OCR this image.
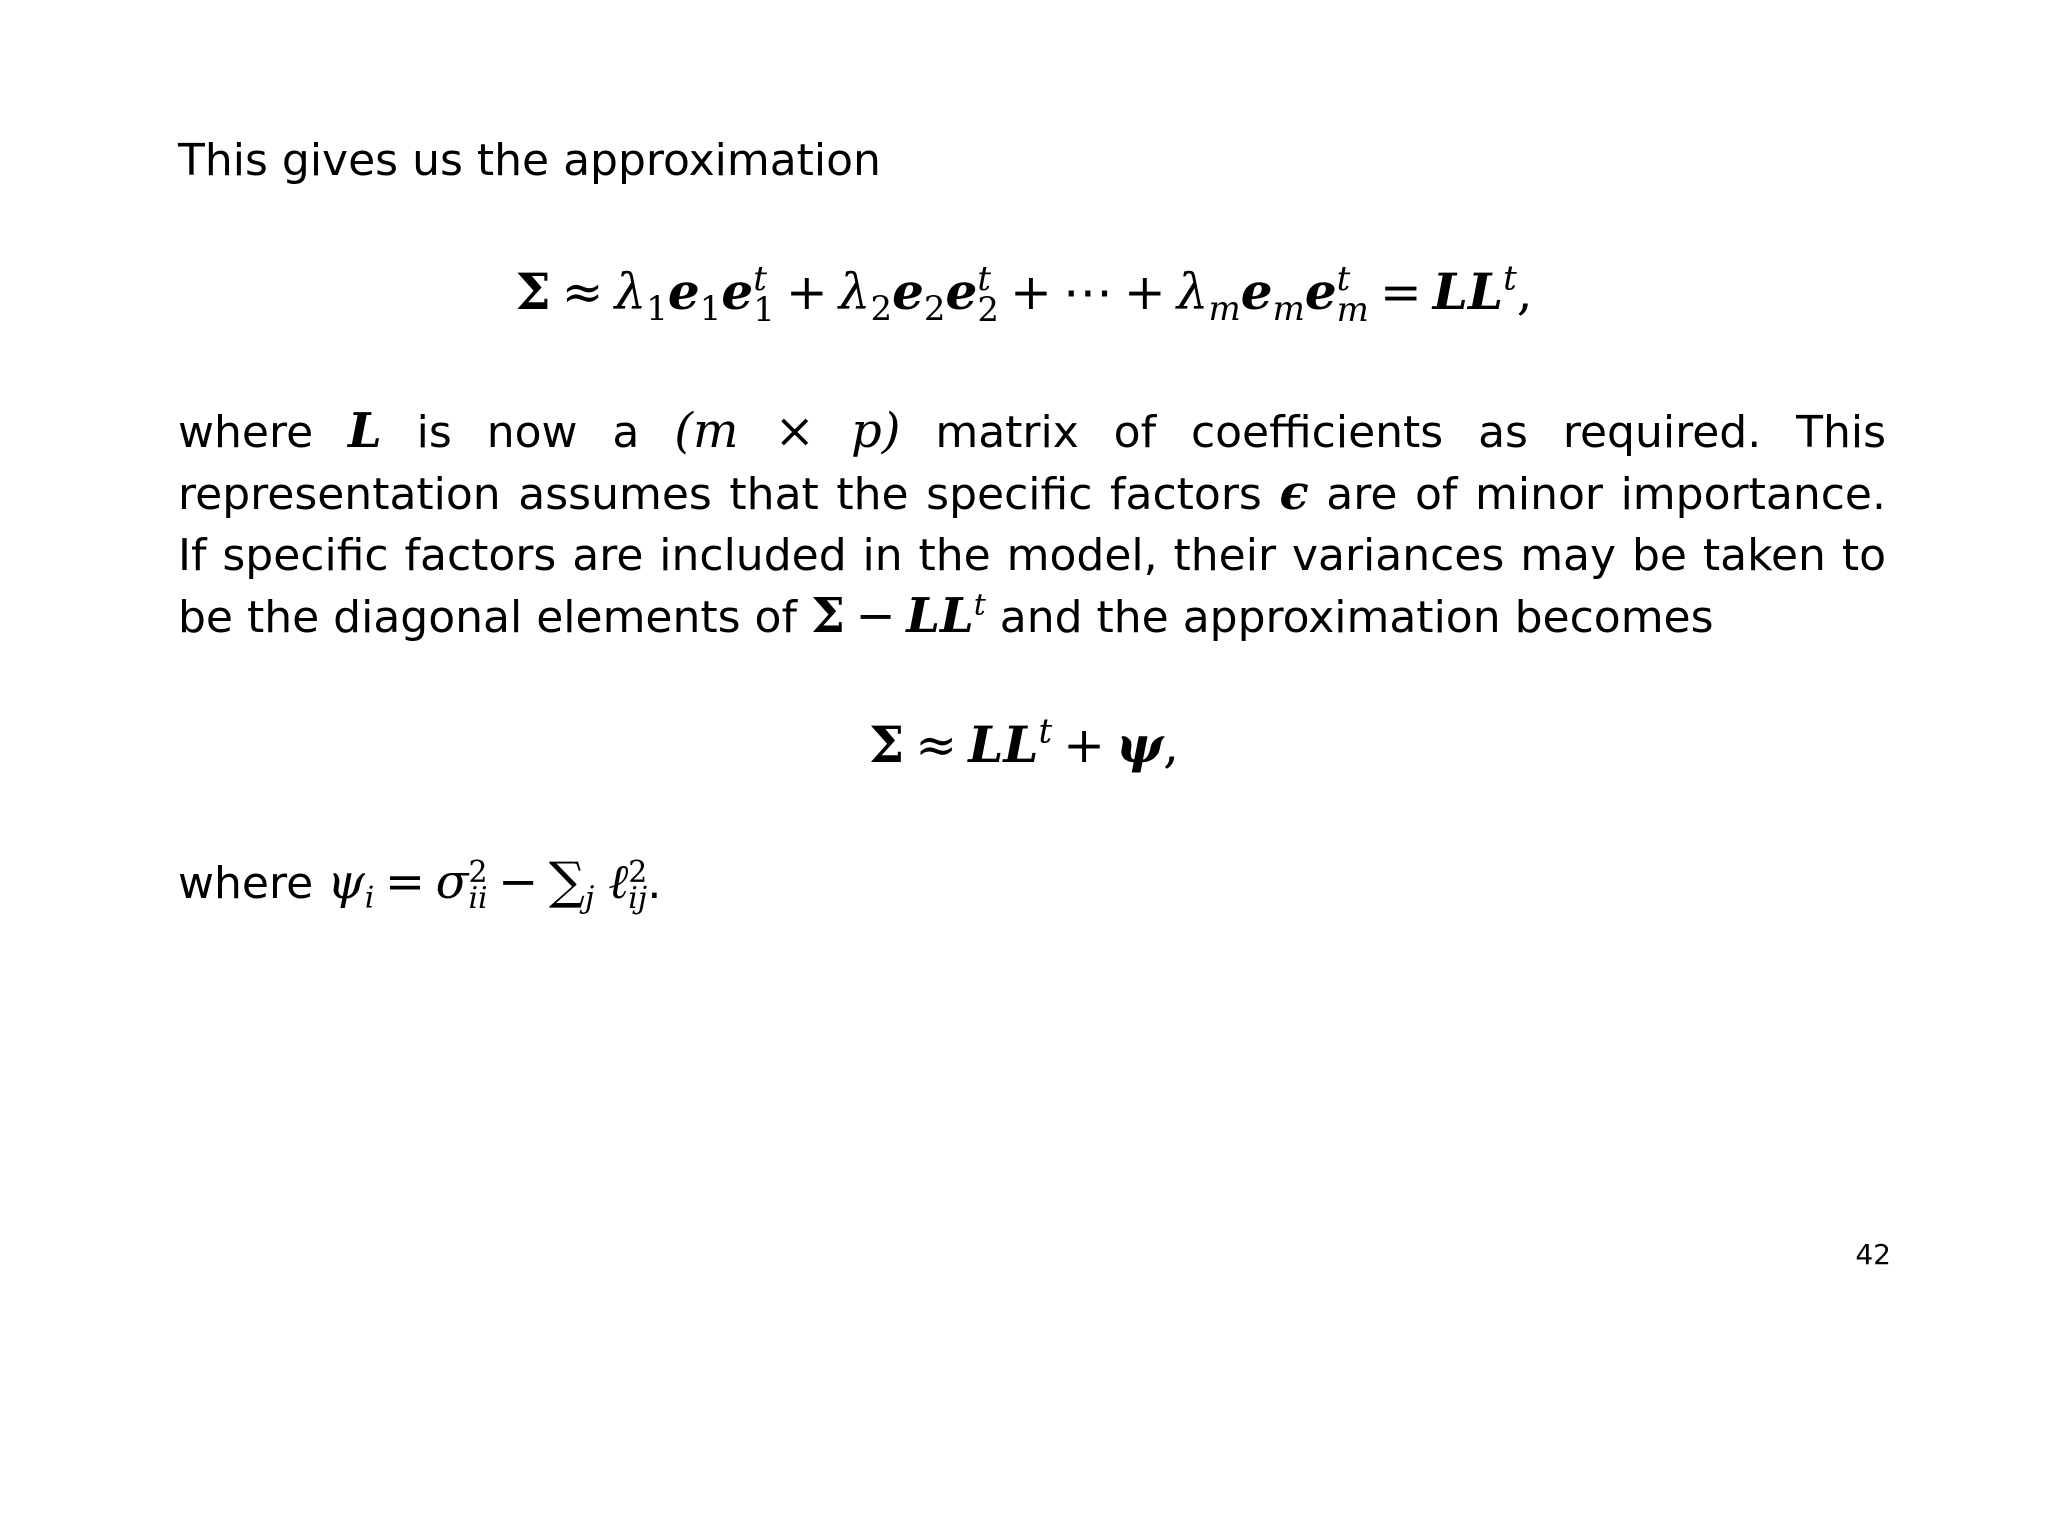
This gives us the approximation

$\Sigma \approx \lambda_1e_1e$ t
$1 + \lambda_2e_2e$ t
2 + ⋯ + $\lambda_me_me$ t
$m = LL^t$,

where L is now a (m × p) matrix of coefficients as required. This representation assumes that the specific factors ϵ are of minor importance. If specific factors are included in the model, their variances may be taken to be the diagonal elements of $\Sigma - LL^t$ and the approximation becomes

$\Sigma \approx LL^t + \psi$,

where $\psi_i = \sigma$ 2
ii − $\sum_j$ ℓ 2
ij .

42
